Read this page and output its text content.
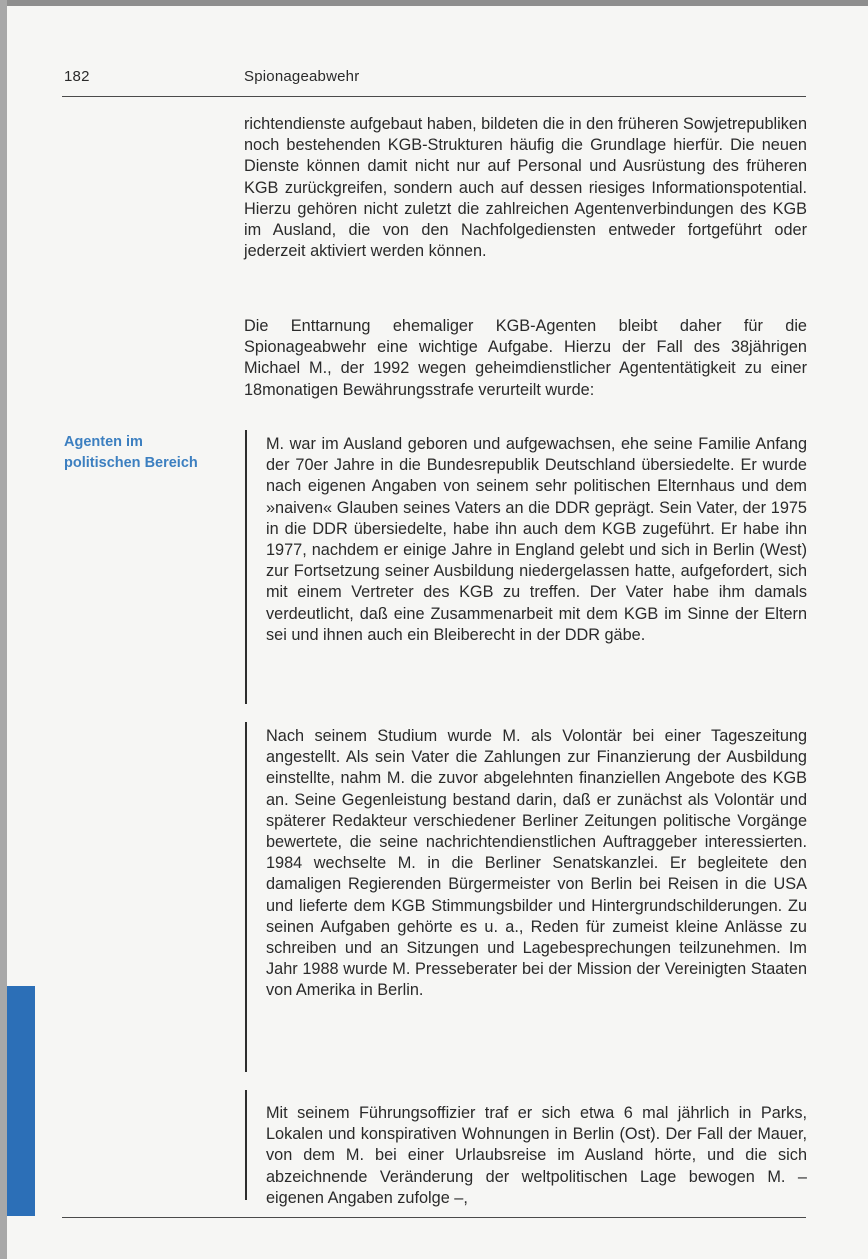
182	Spionageabwehr
Agenten im
politischen Bereich
richtendienste aufgebaut haben, bildeten die in den früheren Sowjetrepubliken noch bestehenden KGB-Strukturen häufig die Grundlage hierfür. Die neuen Dienste können damit nicht nur auf Personal und Ausrüstung des früheren KGB zurückgreifen, sondern auch auf dessen riesiges Informationspotential. Hierzu gehören nicht zuletzt die zahlreichen Agentenverbindungen des KGB im Ausland, die von den Nachfolgediensten entweder fortgeführt oder jederzeit aktiviert werden können.
Die Enttarnung ehemaliger KGB-Agenten bleibt daher für die Spionageabwehr eine wichtige Aufgabe. Hierzu der Fall des 38jährigen Michael M., der 1992 wegen geheimdienstlicher Agententätigkeit zu einer 18monatigen Bewährungsstrafe verurteilt wurde:
M. war im Ausland geboren und aufgewachsen, ehe seine Familie Anfang der 70er Jahre in die Bundesrepublik Deutschland übersiedelte. Er wurde nach eigenen Angaben von seinem sehr politischen Elternhaus und dem »naiven« Glauben seines Vaters an die DDR geprägt. Sein Vater, der 1975 in die DDR übersiedelte, habe ihn auch dem KGB zugeführt. Er habe ihn 1977, nachdem er einige Jahre in England gelebt und sich in Berlin (West) zur Fortsetzung seiner Ausbildung niedergelassen hatte, aufgefordert, sich mit einem Vertreter des KGB zu treffen. Der Vater habe ihm damals verdeutlicht, daß eine Zusammenarbeit mit dem KGB im Sinne der Eltern sei und ihnen auch ein Bleiberecht in der DDR gäbe.
Nach seinem Studium wurde M. als Volontär bei einer Tageszeitung angestellt. Als sein Vater die Zahlungen zur Finanzierung der Ausbildung einstellte, nahm M. die zuvor abgelehnten finanziellen Angebote des KGB an. Seine Gegenleistung bestand darin, daß er zunächst als Volontär und späterer Redakteur verschiedener Berliner Zeitungen politische Vorgänge bewertete, die seine nachrichtendienstlichen Auftraggeber interessierten. 1984 wechselte M. in die Berliner Senatskanzlei. Er begleitete den damaligen Regierenden Bürgermeister von Berlin bei Reisen in die USA und lieferte dem KGB Stimmungsbilder und Hintergrundschilderungen. Zu seinen Aufgaben gehörte es u. a., Reden für zumeist kleine Anlässe zu schreiben und an Sitzungen und Lagebesprechungen teilzunehmen. Im Jahr 1988 wurde M. Presseberater bei der Mission der Vereinigten Staaten von Amerika in Berlin.
Mit seinem Führungsoffizier traf er sich etwa 6 mal jährlich in Parks, Lokalen und konspirativen Wohnungen in Berlin (Ost). Der Fall der Mauer, von dem M. bei einer Urlaubsreise im Ausland hörte, und die sich abzeichnende Veränderung der weltpolitischen Lage bewogen M. – eigenen Angaben zufolge –,
